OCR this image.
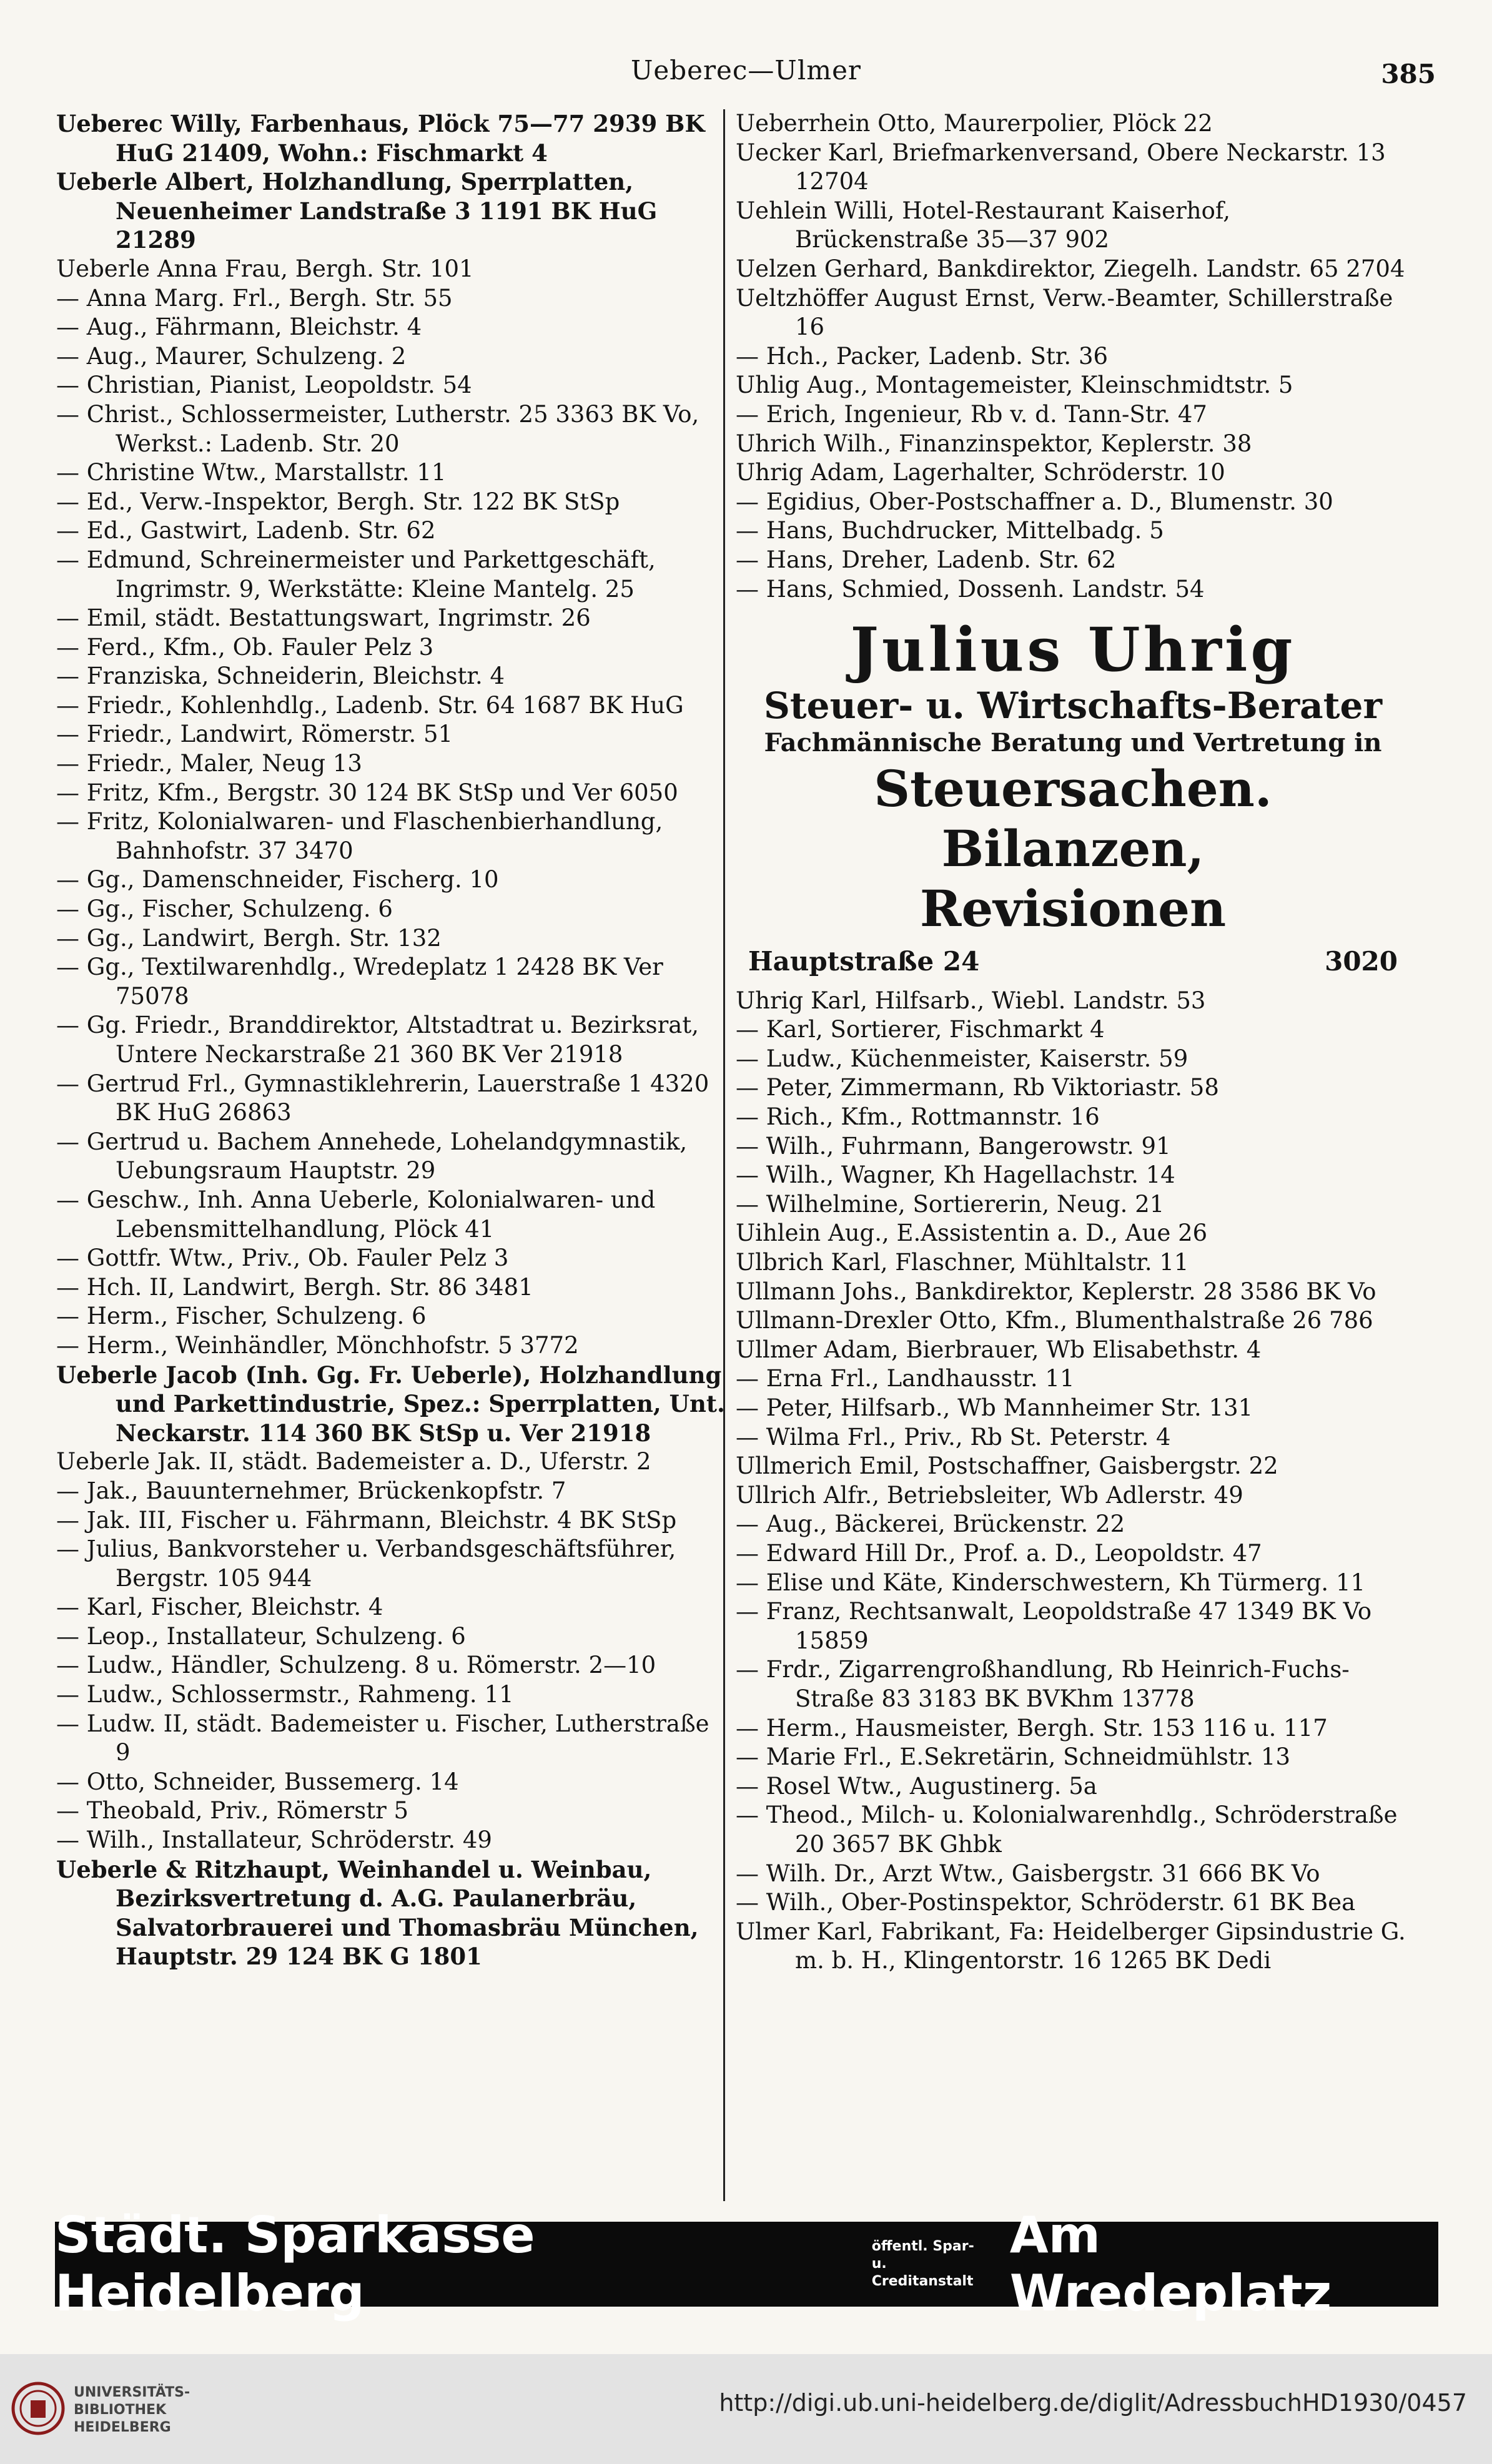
Ueberec—Ulmer	385

Ueberec Willy, Farbenhaus, Plöck 75—77 2939 BK HuG 21409, Wohn.: Fischmarkt 4

Ueberle Albert, Holzhandlung, Sperrplatten, Neuenheimer Landstraße 3 1191 BK HuG 21289

Ueberle Anna Frau, Bergh. Str. 101

— Anna Marg. Frl., Bergh. Str. 55

— Aug., Fährmann, Bleichstr. 4

— Aug., Maurer, Schulzeng. 2

— Christian, Pianist, Leopoldstr. 54

— Christ., Schlossermeister, Lutherstr. 25 3363 BK Vo, Werkst.: Ladenb. Str. 20

— Christine Wtw., Marstallstr. 11

— Ed., Verw.-Inspektor, Bergh. Str. 122 BK StSp

— Ed., Gastwirt, Ladenb. Str. 62

— Edmund, Schreinermeister und Parkettgeschäft, Ingrimstr. 9, Werkstätte: Kleine Mantelg. 25

— Emil, städt. Bestattungswart, Ingrimstr. 26

— Ferd., Kfm., Ob. Fauler Pelz 3

— Franziska, Schneiderin, Bleichstr. 4

— Friedr., Kohlenhdlg., Ladenb. Str. 64 1687 BK HuG

— Friedr., Landwirt, Römerstr. 51

— Friedr., Maler, Neug 13

— Fritz, Kfm., Bergstr. 30 124 BK StSp und Ver 6050

— Fritz, Kolonialwaren- und Flaschenbierhandlung, Bahnhofstr. 37 3470

— Gg., Damenschneider, Fischerg. 10

— Gg., Fischer, Schulzeng. 6

— Gg., Landwirt, Bergh. Str. 132

— Gg., Textilwarenhdlg., Wredeplatz 1 2428 BK Ver 75078

— Gg. Friedr., Branddirektor, Altstadtrat u. Bezirksrat, Untere Neckarstraße 21 360 BK Ver 21918

— Gertrud Frl., Gymnastiklehrerin, Lauerstraße 1 4320 BK HuG 26863

— Gertrud u. Bachem Annehede, Lohelandgymnastik, Uebungsraum Hauptstr. 29

— Geschw., Inh. Anna Ueberle, Kolonialwaren- und Lebensmittelhandlung, Plöck 41

— Gottfr. Wtw., Priv., Ob. Fauler Pelz 3

— Hch. II, Landwirt, Bergh. Str. 86 3481

— Herm., Fischer, Schulzeng. 6

— Herm., Weinhändler, Mönchhofstr. 5 3772

Ueberle Jacob (Inh. Gg. Fr. Ueberle), Holzhandlung und Parkettindustrie, Spez.: Sperrplatten, Unt. Neckarstr. 114 360 BK StSp u. Ver 21918

Ueberle Jak. II, städt. Bademeister a. D., Uferstr. 2

— Jak., Bauunternehmer, Brückenkopfstr. 7

— Jak. III, Fischer u. Fährmann, Bleichstr. 4 BK StSp

— Julius, Bankvorsteher u. Verbandsgeschäftsführer, Bergstr. 105 944

— Karl, Fischer, Bleichstr. 4

— Leop., Installateur, Schulzeng. 6

— Ludw., Händler, Schulzeng. 8 u. Römerstr. 2—10

— Ludw., Schlossermstr., Rahmeng. 11

— Ludw. II, städt. Bademeister u. Fischer, Lutherstraße 9

— Otto, Schneider, Bussemerg. 14

— Theobald, Priv., Römerstr 5

— Wilh., Installateur, Schröderstr. 49

Ueberle & Ritzhaupt, Weinhandel u. Weinbau, Bezirksvertretung d. A.G. Paulanerbräu, Salvatorbrauerei und Thomasbräu München, Hauptstr. 29 124 BK G 1801

Ueberrhein Otto, Maurerpolier, Plöck 22

Uecker Karl, Briefmarkenversand, Obere Neckarstr. 13 12704

Uehlein Willi, Hotel-Restaurant Kaiserhof, Brückenstraße 35—37 902

Uelzen Gerhard, Bankdirektor, Ziegelh. Landstr. 65 2704

Ueltzhöffer August Ernst, Verw.-Beamter, Schillerstraße 16

— Hch., Packer, Ladenb. Str. 36

Uhlig Aug., Montagemeister, Kleinschmidtstr. 5

— Erich, Ingenieur, Rb v. d. Tann-Str. 47

Uhrich Wilh., Finanzinspektor, Keplerstr. 38

Uhrig Adam, Lagerhalter, Schröderstr. 10

— Egidius, Ober-Postschaffner a. D., Blumenstr. 30

— Hans, Buchdrucker, Mittelbadg. 5

— Hans, Dreher, Ladenb. Str. 62

— Hans, Schmied, Dossenh. Landstr. 54

Julius Uhrig
Steuer- u. Wirtschafts-Berater
Fachmännische Beratung und Vertretung in
Steuersachen.
Bilanzen,
Revisionen
Hauptstraße 24	3020

Uhrig Karl, Hilfsarb., Wiebl. Landstr. 53

— Karl, Sortierer, Fischmarkt 4

— Ludw., Küchenmeister, Kaiserstr. 59

— Peter, Zimmermann, Rb Viktoriastr. 58

— Rich., Kfm., Rottmannstr. 16

— Wilh., Fuhrmann, Bangerowstr. 91

— Wilh., Wagner, Kh Hagellachstr. 14

— Wilhelmine, Sortiererin, Neug. 21

Uihlein Aug., E.Assistentin a. D., Aue 26

Ulbrich Karl, Flaschner, Mühltalstr. 11

Ullmann Johs., Bankdirektor, Keplerstr. 28 3586 BK Vo

Ullmann-Drexler Otto, Kfm., Blumenthalstraße 26 786

Ullmer Adam, Bierbrauer, Wb Elisabethstr. 4

— Erna Frl., Landhausstr. 11

— Peter, Hilfsarb., Wb Mannheimer Str. 131

— Wilma Frl., Priv., Rb St. Peterstr. 4

Ullmerich Emil, Postschaffner, Gaisbergstr. 22

Ullrich Alfr., Betriebsleiter, Wb Adlerstr. 49

— Aug., Bäckerei, Brückenstr. 22

— Edward Hill Dr., Prof. a. D., Leopoldstr. 47

— Elise und Käte, Kinderschwestern, Kh Türmerg. 11

— Franz, Rechtsanwalt, Leopoldstraße 47 1349 BK Vo 15859

— Frdr., Zigarrengroßhandlung, Rb Heinrich-Fuchs-Straße 83 3183 BK BVKhm 13778

— Herm., Hausmeister, Bergh. Str. 153 116 u. 117

— Marie Frl., E.Sekretärin, Schneidmühlstr. 13

— Rosel Wtw., Augustinerg. 5a

— Theod., Milch- u. Kolonialwarenhdlg., Schröderstraße 20 3657 BK Ghbk

— Wilh. Dr., Arzt Wtw., Gaisbergstr. 31 666 BK Vo

— Wilh., Ober-Postinspektor, Schröderstr. 61 BK Bea

Ulmer Karl, Fabrikant, Fa: Heidelberger Gipsindustrie G. m. b. H., Klingentorstr. 16 1265 BK Dedi

Städt. Sparkasse Heidelberg
öffentl. Spar- u.
Creditanstalt
Am Wredeplatz
UNIVERSITÄTS-
BIBLIOTHEK
HEIDELBERG
http://digi.ub.uni-heidelberg.de/diglit/AdressbuchHD1930/0457
